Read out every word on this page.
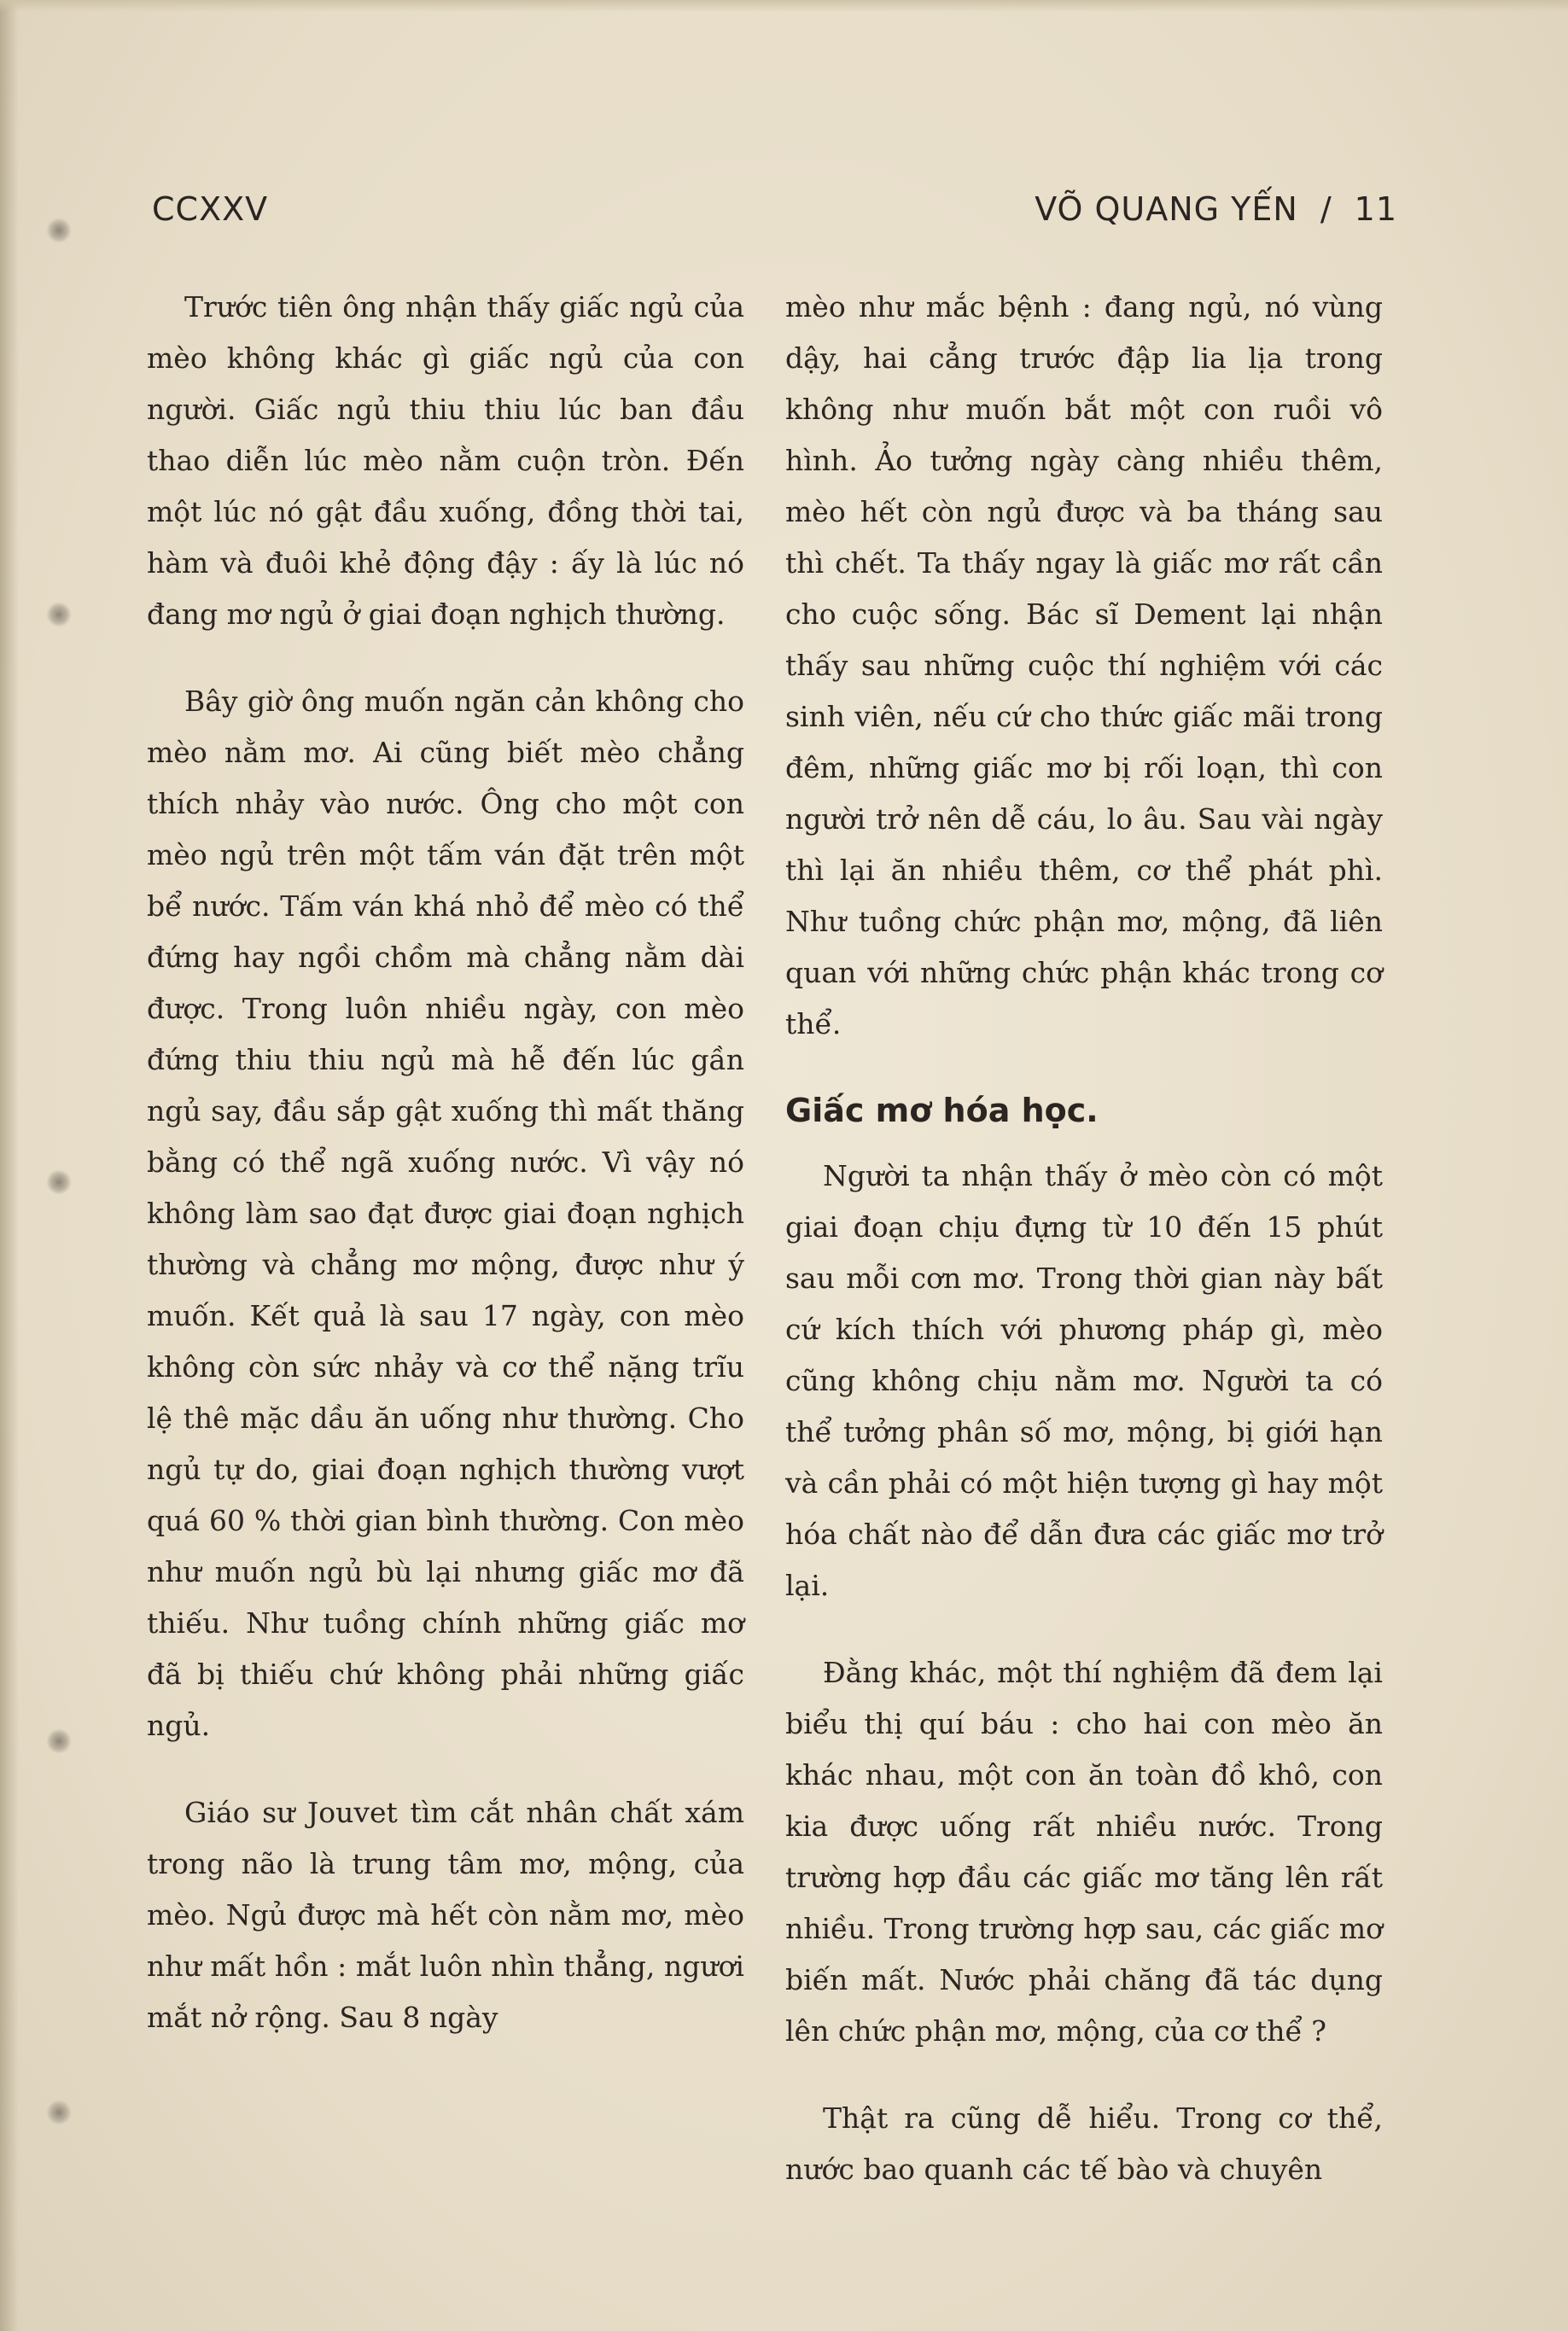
CCXXV	VÕ QUANG YẾN / 11

Trước tiên ông nhận thấy giấc ngủ của mèo không khác gì giấc ngủ của con người. Giấc ngủ thiu thiu lúc ban đầu thao diễn lúc mèo nằm cuộn tròn. Đến một lúc nó gật đầu xuống, đồng thời tai, hàm và đuôi khẻ động đậy : ấy là lúc nó đang mơ ngủ ở giai đoạn nghịch thường.

Bây giờ ông muốn ngăn cản không cho mèo nằm mơ. Ai cũng biết mèo chẳng thích nhảy vào nước. Ông cho một con mèo ngủ trên một tấm ván đặt trên một bể nước. Tấm ván khá nhỏ để mèo có thể đứng hay ngồi chồm mà chẳng nằm dài được. Trong luôn nhiều ngày, con mèo đứng thiu thiu ngủ mà hễ đến lúc gần ngủ say, đầu sắp gật xuống thì mất thăng bằng có thể ngã xuống nước. Vì vậy nó không làm sao đạt được giai đoạn nghịch thường và chẳng mơ mộng, được như ý muốn. Kết quả là sau 17 ngày, con mèo không còn sức nhảy và cơ thể nặng trĩu lệ thê mặc dầu ăn uống như thường. Cho ngủ tự do, giai đoạn nghịch thường vượt quá 60 % thời gian bình thường. Con mèo như muốn ngủ bù lại nhưng giấc mơ đã thiếu. Như tuồng chính những giấc mơ đã bị thiếu chứ không phải những giấc ngủ.

Giáo sư Jouvet tìm cắt nhân chất xám trong não là trung tâm mơ, mộng, của mèo. Ngủ được mà hết còn nằm mơ, mèo như mất hồn : mắt luôn nhìn thẳng, ngươi mắt nở rộng. Sau 8 ngày

mèo như mắc bệnh : đang ngủ, nó vùng dậy, hai cẳng trước đập lia lịa trong không như muốn bắt một con ruồi vô hình. Ảo tưởng ngày càng nhiều thêm, mèo hết còn ngủ được và ba tháng sau thì chết. Ta thấy ngay là giấc mơ rất cần cho cuộc sống. Bác sĩ Dement lại nhận thấy sau những cuộc thí nghiệm với các sinh viên, nếu cứ cho thức giấc mãi trong đêm, những giấc mơ bị rối loạn, thì con người trở nên dễ cáu, lo âu. Sau vài ngày thì lại ăn nhiều thêm, cơ thể phát phì. Như tuồng chức phận mơ, mộng, đã liên quan với những chức phận khác trong cơ thể.

Giấc mơ hóa học.

Người ta nhận thấy ở mèo còn có một giai đoạn chịu đựng từ 10 đến 15 phút sau mỗi cơn mơ. Trong thời gian này bất cứ kích thích với phương pháp gì, mèo cũng không chịu nằm mơ. Người ta có thể tưởng phân số mơ, mộng, bị giới hạn và cần phải có một hiện tượng gì hay một hóa chất nào để dẫn đưa các giấc mơ trở lại.

Đằng khác, một thí nghiệm đã đem lại biểu thị quí báu : cho hai con mèo ăn khác nhau, một con ăn toàn đồ khô, con kia được uống rất nhiều nước. Trong trường hợp đầu các giấc mơ tăng lên rất nhiều. Trong trường hợp sau, các giấc mơ biến mất. Nước phải chăng đã tác dụng lên chức phận mơ, mộng, của cơ thể ?

Thật ra cũng dễ hiểu. Trong cơ thể, nước bao quanh các tế bào và chuyên
